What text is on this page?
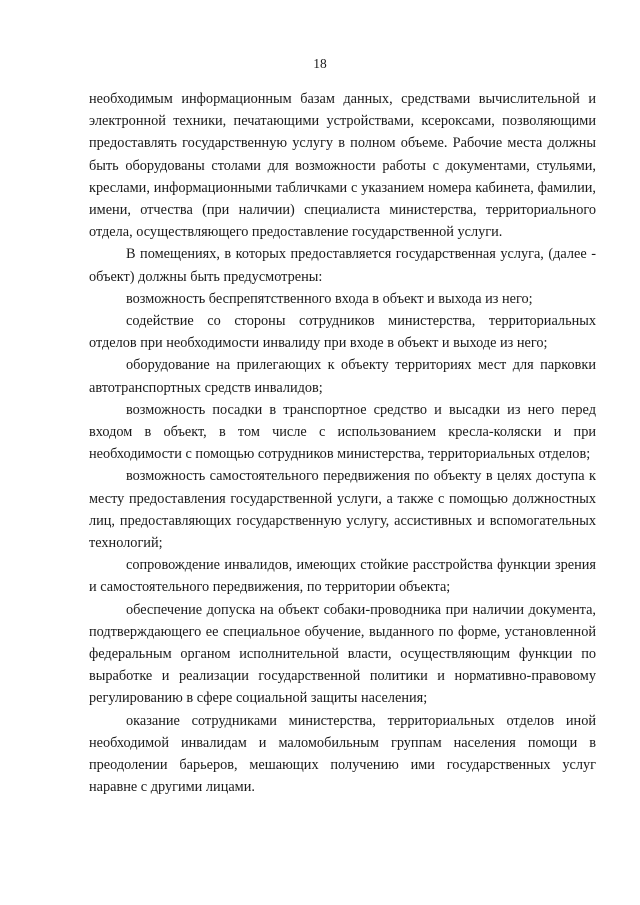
18

необходимым информационным базам данных, средствами вычислительной и электронной техники, печатающими устройствами, ксероксами, позволяющими предоставлять государственную услугу в полном объеме. Рабочие места должны быть оборудованы столами для возможности работы с документами, стульями, креслами, информационными табличками с указанием номера кабинета, фамилии, имени, отчества (при наличии) специалиста министерства, территориального отдела, осуществляющего предоставление государственной услуги.

В помещениях, в которых предоставляется государственная услуга, (далее - объект) должны быть предусмотрены:

возможность беспрепятственного входа в объект и выхода из него;

содействие со стороны сотрудников министерства, территориальных отделов при необходимости инвалиду при входе в объект и выходе из него;

оборудование на прилегающих к объекту территориях мест для парковки автотранспортных средств инвалидов;

возможность посадки в транспортное средство и высадки из него перед входом в объект, в том числе с использованием кресла-коляски и при необходимости с помощью сотрудников министерства, территориальных отделов;

возможность самостоятельного передвижения по объекту в целях доступа к месту предоставления государственной услуги, а также с помощью должностных лиц, предоставляющих государственную услугу, ассистивных и вспомогательных технологий;

сопровождение инвалидов, имеющих стойкие расстройства функции зрения и самостоятельного передвижения, по территории объекта;

обеспечение допуска на объект собаки-проводника при наличии документа, подтверждающего ее специальное обучение, выданного по форме, установленной федеральным органом исполнительной власти, осуществляющим функции по выработке и реализации государственной политики и нормативно-правовому регулированию в сфере социальной защиты населения;

оказание сотрудниками министерства, территориальных отделов иной необходимой инвалидам и маломобильным группам населения помощи в преодолении барьеров, мешающих получению ими государственных услуг наравне с другими лицами.
